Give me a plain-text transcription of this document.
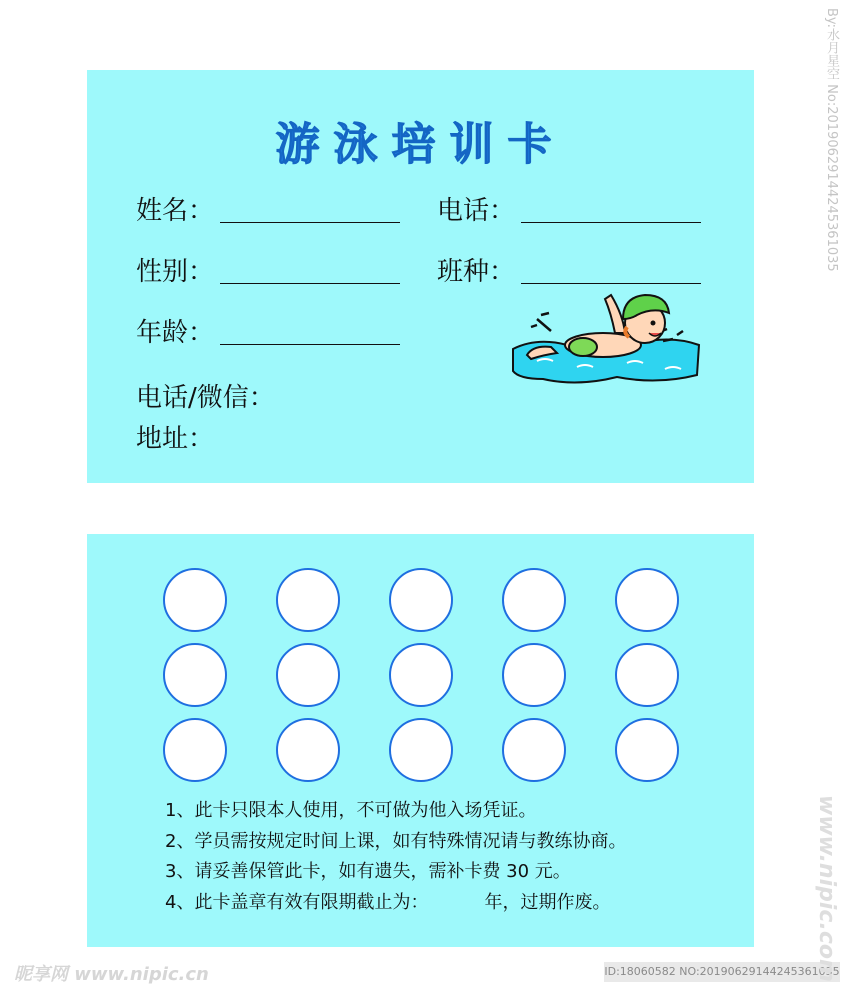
游泳培训卡
姓名：	电话：
性别：	班种：
年龄：
电话/微信：
地址：
1、此卡只限本人使用，不可做为他入场凭证。
2、学员需按规定时间上课，如有特殊情况请与教练协商。
3、请妥善保管此卡，如有遗失，需补卡费 30 元。
4、此卡盖章有效有限期截止为：	年，过期作废。
昵享网 www.nipic.cn	ID:18060582 NO:20190629144245361035
By:水月星空 No:20190629144245361035
www.nipic.com
